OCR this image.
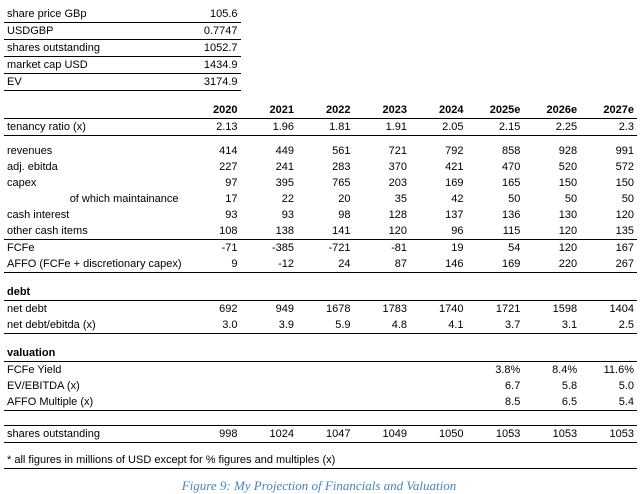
share price GBp	105.6							
USDGBP	0.7747							
shares outstanding	1052.7							
market cap USD	1434.9							
EV	3174.9							

	2020	2021	2022	2023	2024	2025e	2026e	2027e
tenancy ratio (x)	2.13	1.96	1.81	1.91	2.05	2.15	2.25	2.3

revenues	414	449	561	721	792	858	928	991
adj. ebitda	227	241	283	370	421	470	520	572
capex	97	395	765	203	169	165	150	150
of which maintainance	17	22	20	35	42	50	50	50
cash interest	93	93	98	128	137	136	130	120
other cash items	108	138	141	120	96	115	120	135
FCFe	-71	-385	-721	-81	19	54	120	167
AFFO (FCFe + discretionary capex)	9	-12	24	87	146	169	220	267

debt								
net debt	692	949	1678	1783	1740	1721	1598	1404
net debt/ebitda (x)	3.0	3.9	5.9	4.8	4.1	3.7	3.1	2.5

valuation								
FCFe Yield						3.8%	8.4%	11.6%
EV/EBITDA (x)						6.7	5.8	5.0
AFFO Multiple (x)						8.5	6.5	5.4

shares outstanding	998	1024	1047	1049	1050	1053	1053	1053

* all figures in millions of USD except for % figures and multiples (x)								
Figure 9: My Projection of Financials and Valuation
